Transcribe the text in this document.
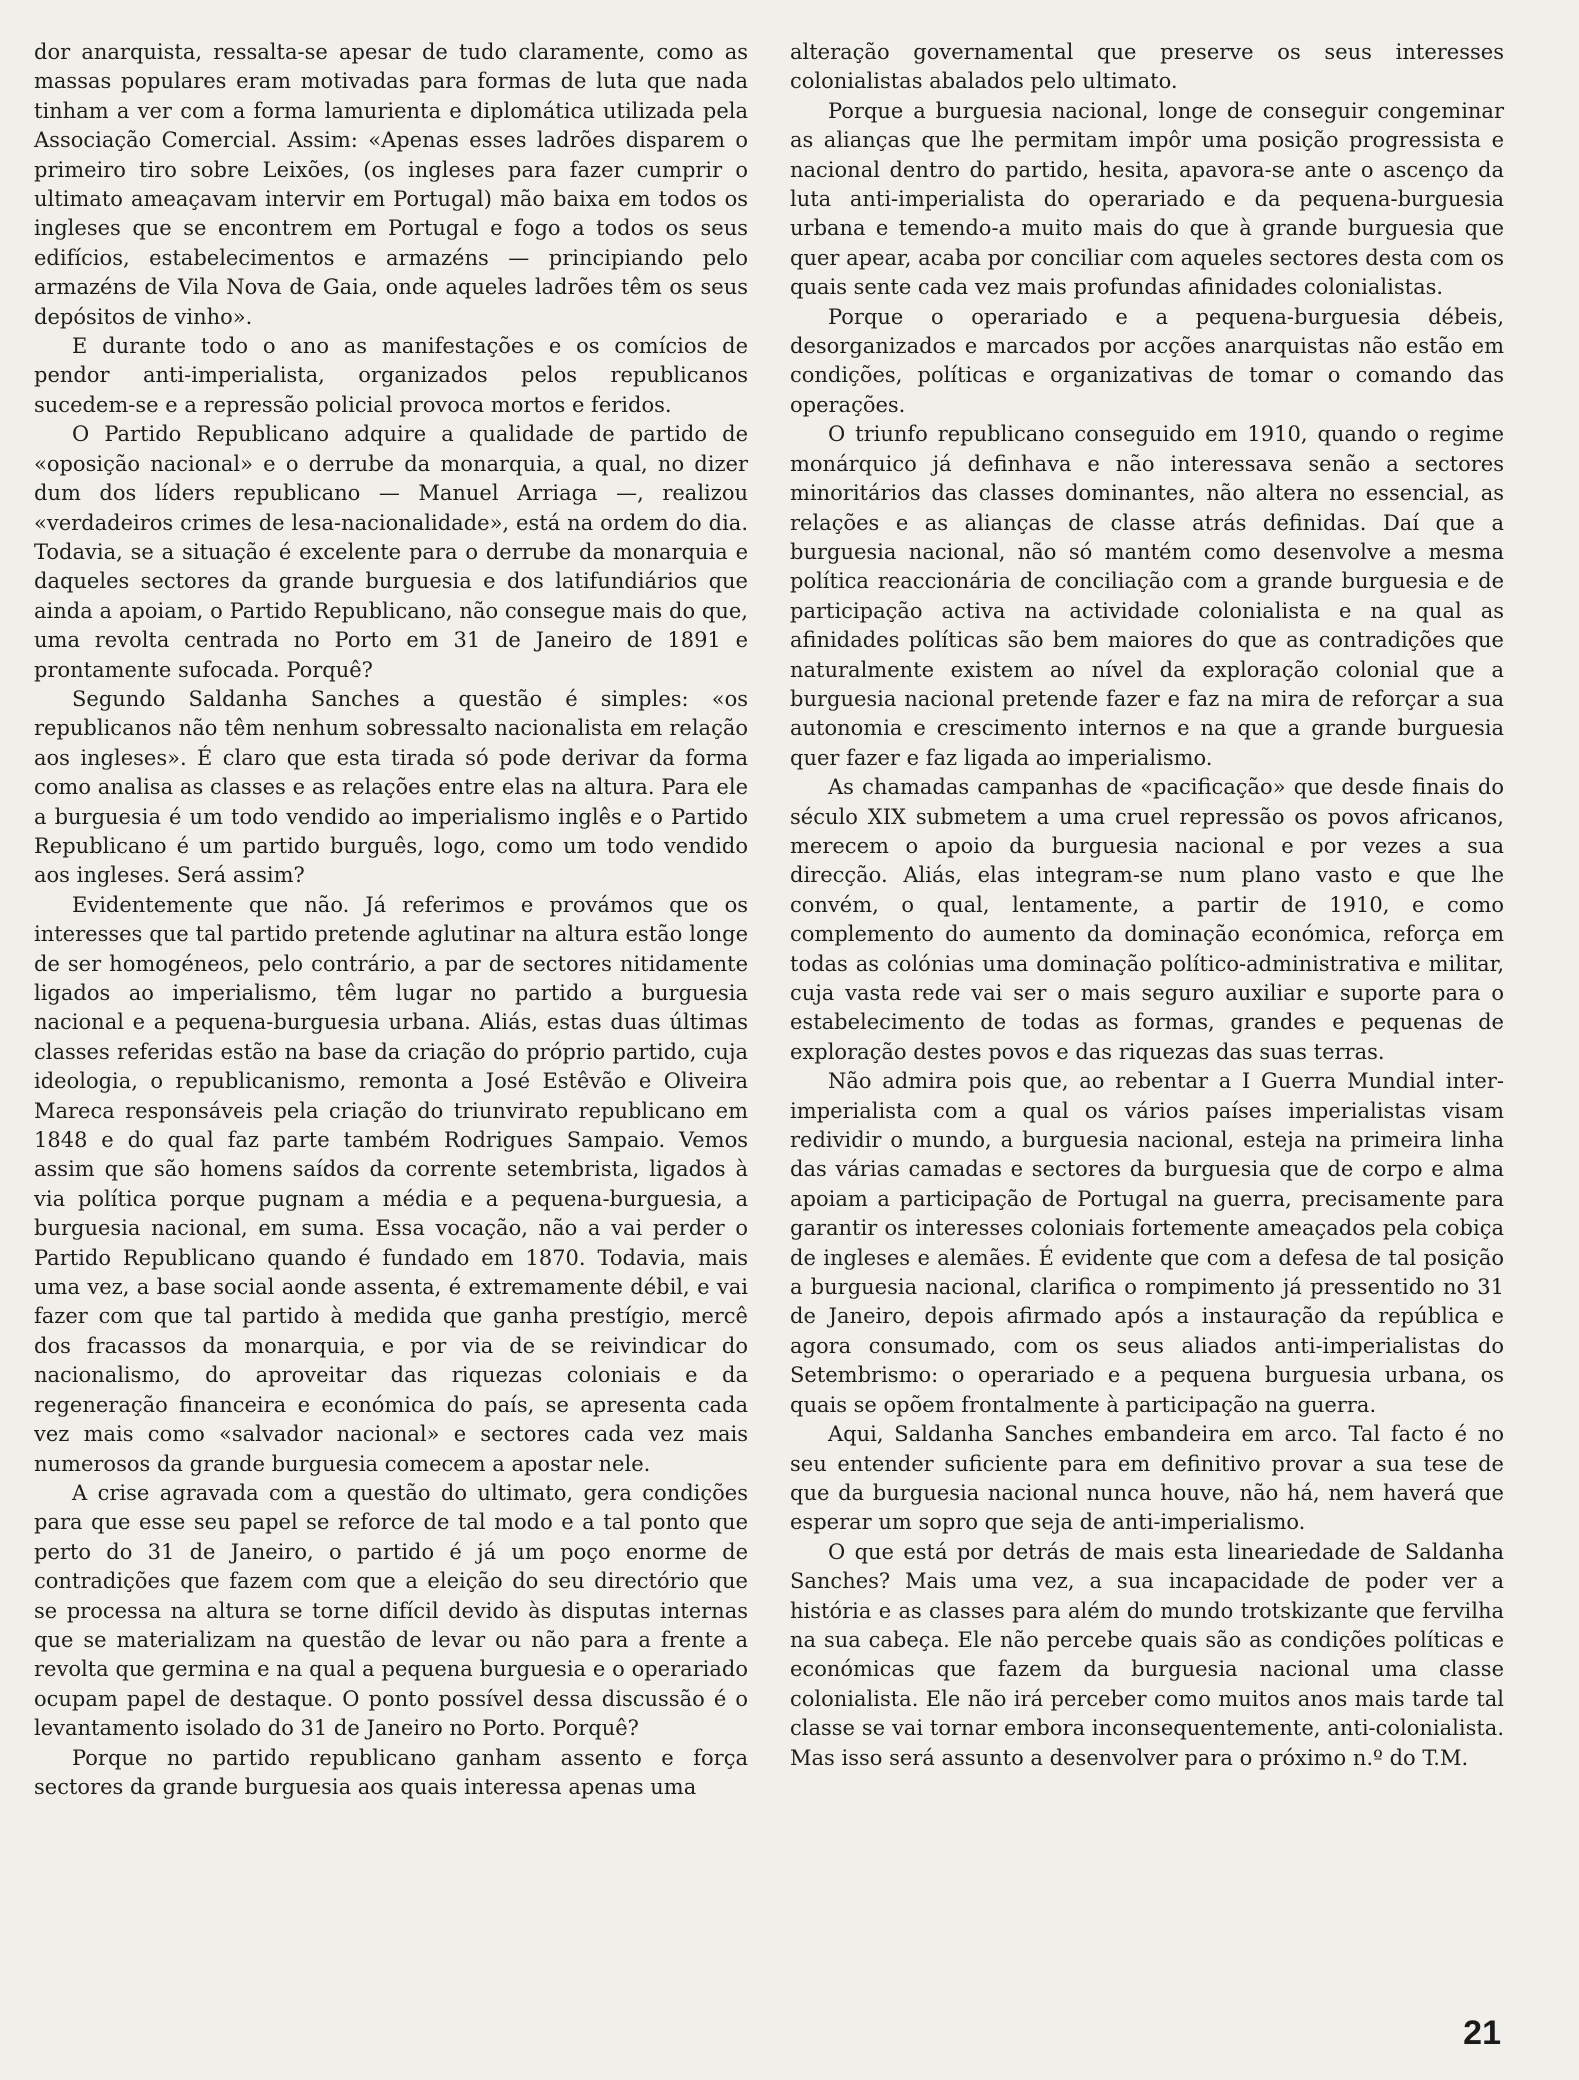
dor anarquista, ressalta-se apesar de tudo claramente, como as massas populares eram motivadas para formas de luta que nada tinham a ver com a forma lamurienta e diplomática utilizada pela Associação Comercial. Assim: «Apenas esses ladrões disparem o primeiro tiro sobre Leixões, (os ingleses para fazer cumprir o ultimato ameaçavam intervir em Portugal) mão baixa em todos os ingleses que se encontrem em Portugal e fogo a todos os seus edifícios, estabelecimentos e armazéns — principiando pelo armazéns de Vila Nova de Gaia, onde aqueles ladrões têm os seus depósitos de vinho».

E durante todo o ano as manifestações e os comícios de pendor anti-imperialista, organizados pelos republicanos sucedem-se e a repressão policial provoca mortos e feridos.

O Partido Republicano adquire a qualidade de partido de «oposição nacional» e o derrube da monarquia, a qual, no dizer dum dos líders republicano — Manuel Arriaga —, realizou «verdadeiros crimes de lesa-nacionalidade», está na ordem do dia. Todavia, se a situação é excelente para o derrube da monarquia e daqueles sectores da grande burguesia e dos latifundiários que ainda a apoiam, o Partido Republicano, não consegue mais do que, uma revolta centrada no Porto em 31 de Janeiro de 1891 e prontamente sufocada. Porquê?

Segundo Saldanha Sanches a questão é simples: «os republicanos não têm nenhum sobressalto nacionalista em relação aos ingleses». É claro que esta tirada só pode derivar da forma como analisa as classes e as relações entre elas na altura. Para ele a burguesia é um todo vendido ao imperialismo inglês e o Partido Republicano é um partido burguês, logo, como um todo vendido aos ingleses. Será assim?

Evidentemente que não. Já referimos e provámos que os interesses que tal partido pretende aglutinar na altura estão longe de ser homogéneos, pelo contrário, a par de sectores nitidamente ligados ao imperialismo, têm lugar no partido a burguesia nacional e a pequena-burguesia urbana. Aliás, estas duas últimas classes referidas estão na base da criação do próprio partido, cuja ideologia, o republicanismo, remonta a José Estêvão e Oliveira Mareca responsáveis pela criação do triunvirato republicano em 1848 e do qual faz parte também Rodrigues Sampaio. Vemos assim que são homens saídos da corrente setembrista, ligados à via política porque pugnam a média e a pequena-burguesia, a burguesia nacional, em suma. Essa vocação, não a vai perder o Partido Republicano quando é fundado em 1870. Todavia, mais uma vez, a base social aonde assenta, é extremamente débil, e vai fazer com que tal partido à medida que ganha prestígio, mercê dos fracassos da monarquia, e por via de se reivindicar do nacionalismo, do aproveitar das riquezas coloniais e da regeneração financeira e económica do país, se apresenta cada vez mais como «salvador nacional» e sectores cada vez mais numerosos da grande burguesia comecem a apostar nele.

A crise agravada com a questão do ultimato, gera condições para que esse seu papel se reforce de tal modo e a tal ponto que perto do 31 de Janeiro, o partido é já um poço enorme de contradições que fazem com que a eleição do seu directório que se processa na altura se torne difícil devido às disputas internas que se materializam na questão de levar ou não para a frente a revolta que germina e na qual a pequena burguesia e o operariado ocupam papel de destaque. O ponto possível dessa discussão é o levantamento isolado do 31 de Janeiro no Porto. Porquê?

Porque no partido republicano ganham assento e força sectores da grande burguesia aos quais interessa apenas uma

alteração governamental que preserve os seus interesses colonialistas abalados pelo ultimato.

Porque a burguesia nacional, longe de conseguir congeminar as alianças que lhe permitam impôr uma posição progressista e nacional dentro do partido, hesita, apavora-se ante o ascenço da luta anti-imperialista do operariado e da pequena-burguesia urbana e temendo-a muito mais do que à grande burguesia que quer apear, acaba por conciliar com aqueles sectores desta com os quais sente cada vez mais profundas afinidades colonialistas.

Porque o operariado e a pequena-burguesia débeis, desorganizados e marcados por acções anarquistas não estão em condições, políticas e organizativas de tomar o comando das operações.

O triunfo republicano conseguido em 1910, quando o regime monárquico já definhava e não interessava senão a sectores minoritários das classes dominantes, não altera no essencial, as relações e as alianças de classe atrás definidas. Daí que a burguesia nacional, não só mantém como desenvolve a mesma política reaccionária de conciliação com a grande burguesia e de participação activa na actividade colonialista e na qual as afinidades políticas são bem maiores do que as contradições que naturalmente existem ao nível da exploração colonial que a burguesia nacional pretende fazer e faz na mira de reforçar a sua autonomia e crescimento internos e na que a grande burguesia quer fazer e faz ligada ao imperialismo.

As chamadas campanhas de «pacificação» que desde finais do século XIX submetem a uma cruel repressão os povos africanos, merecem o apoio da burguesia nacional e por vezes a sua direcção. Aliás, elas integram-se num plano vasto e que lhe convém, o qual, lentamente, a partir de 1910, e como complemento do aumento da dominação económica, reforça em todas as colónias uma dominação político-administrativa e militar, cuja vasta rede vai ser o mais seguro auxiliar e suporte para o estabelecimento de todas as formas, grandes e pequenas de exploração destes povos e das riquezas das suas terras.

Não admira pois que, ao rebentar a I Guerra Mundial inter-imperialista com a qual os vários países imperialistas visam redividir o mundo, a burguesia nacional, esteja na primeira linha das várias camadas e sectores da burguesia que de corpo e alma apoiam a participação de Portugal na guerra, precisamente para garantir os interesses coloniais fortemente ameaçados pela cobiça de ingleses e alemães. É evidente que com a defesa de tal posição a burguesia nacional, clarifica o rompimento já pressentido no 31 de Janeiro, depois afirmado após a instauração da república e agora consumado, com os seus aliados anti-imperialistas do Setembrismo: o operariado e a pequena burguesia urbana, os quais se opõem frontalmente à participação na guerra.

Aqui, Saldanha Sanches embandeira em arco. Tal facto é no seu entender suficiente para em definitivo provar a sua tese de que da burguesia nacional nunca houve, não há, nem haverá que esperar um sopro que seja de anti-imperialismo.

O que está por detrás de mais esta lineariedade de Saldanha Sanches? Mais uma vez, a sua incapacidade de poder ver a história e as classes para além do mundo trotskizante que fervilha na sua cabeça. Ele não percebe quais são as condições políticas e económicas que fazem da burguesia nacional uma classe colonialista. Ele não irá perceber como muitos anos mais tarde tal classe se vai tornar embora inconsequentemente, anti-colonialista. Mas isso será assunto a desenvolver para o próximo n.º do T.M.

21
